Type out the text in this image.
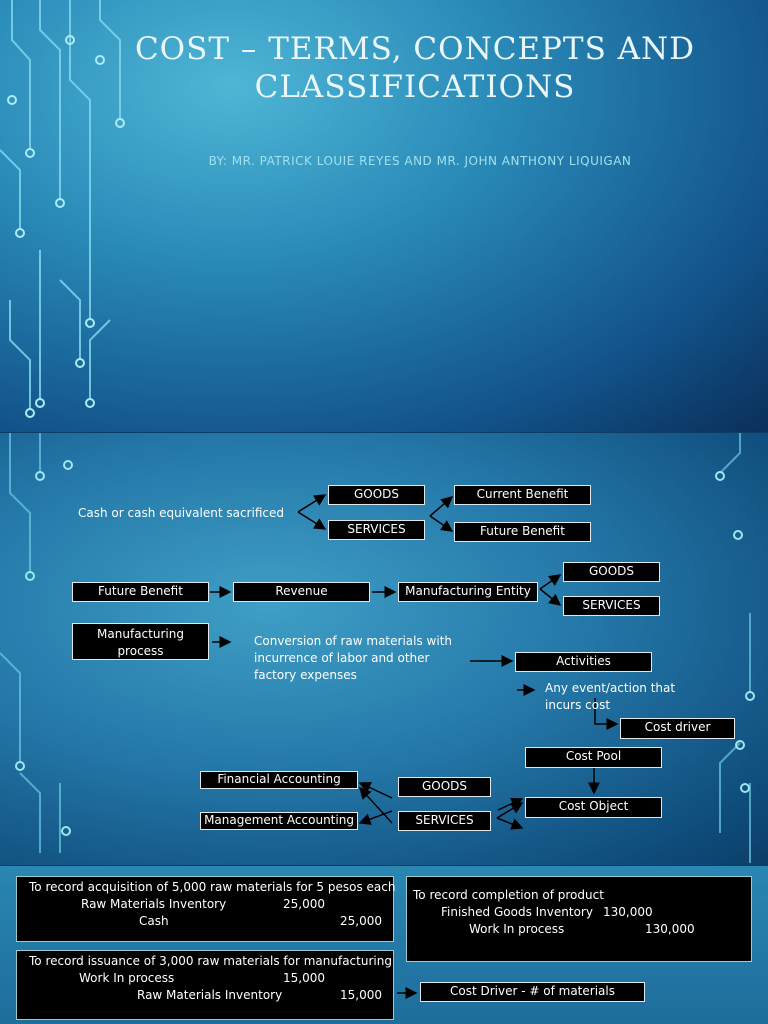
COST – TERMS, CONCEPTS AND CLASSIFICATIONS
BY: MR. PATRICK LOUIE REYES AND MR. JOHN ANTHONY LIQUIGAN
Cash or cash equivalent sacrificed
GOODS
SERVICES
Current Benefit
Future Benefit
Future Benefit	Revenue	Manufacturing Entity
GOODS
SERVICES
Manufacturing process
Conversion of raw materials with incurrence of labor and other factory expenses
Activities
Any event/action that incurs cost
Cost driver
Cost Pool
Cost Object
Financial Accounting
Management Accounting
GOODS
SERVICES
To record acquisition of 5,000 raw materials for 5 pesos each
Raw Materials Inventory	25,000
Cash	25,000
To record completion of product
Finished Goods Inventory 130,000
Work In process	130,000
To record issuance of 3,000 raw materials for manufacturing
Work In process	15,000
Raw Materials Inventory	15,000	Cost Driver - # of materials
